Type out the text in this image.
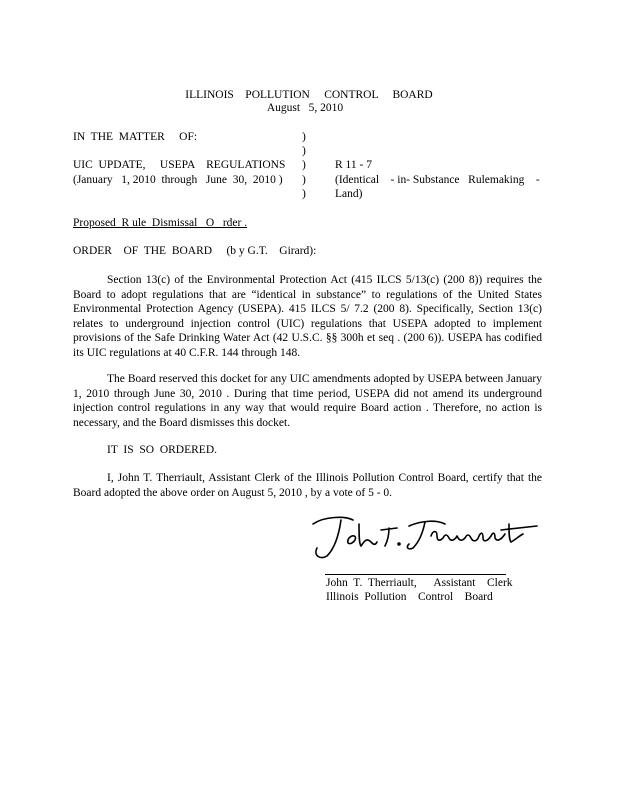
ILLINOIS    POLLUTION     CONTROL     BOARD
August   5, 2010
IN  THE  MATTER     OF:
UIC  UPDATE,     USEPA    REGULATIONS
(January   1, 2010  through   June  30,  2010 )
)
)
)
)
)
R 11 - 7
(Identical    - in- Substance   Rulemaking    -
Land)
Proposed  R ule  Dismissal   O   rder .
ORDER    OF  THE  BOARD     (b y G.T.    Girard):

Section 13(c) of the Environmental Protection Act (415 ILCS 5/13(c) (200 8)) requires the Board to adopt regulations that are “identical in substance” to regulations of the United States Environmental Protection Agency (USEPA). 415 ILCS 5/ 7.2 (200 8). Specifically, Section 13(c) relates to underground injection control (UIC) regulations that USEPA adopted to implement provisions of the Safe Drinking Water Act (42 U.S.C. §§ 300h et seq . (200 6)). USEPA has codified its UIC regulations at 40 C.F.R. 144 through 148.

The Board reserved this docket for any UIC amendments adopted by USEPA between January 1, 2010 through June 30, 2010 . During that time period, USEPA did not amend its underground injection control regulations in any way that would require Board action . Therefore, no action is necessary, and the Board dismisses this docket.

IT  IS  SO  ORDERED.

I, John T. Therriault, Assistant Clerk of the Illinois Pollution Control Board, certify that the Board adopted the above order on August 5, 2010 , by a vote of 5 - 0.

John  T.  Therriault,      Assistant    Clerk
Illinois  Pollution    Control    Board
